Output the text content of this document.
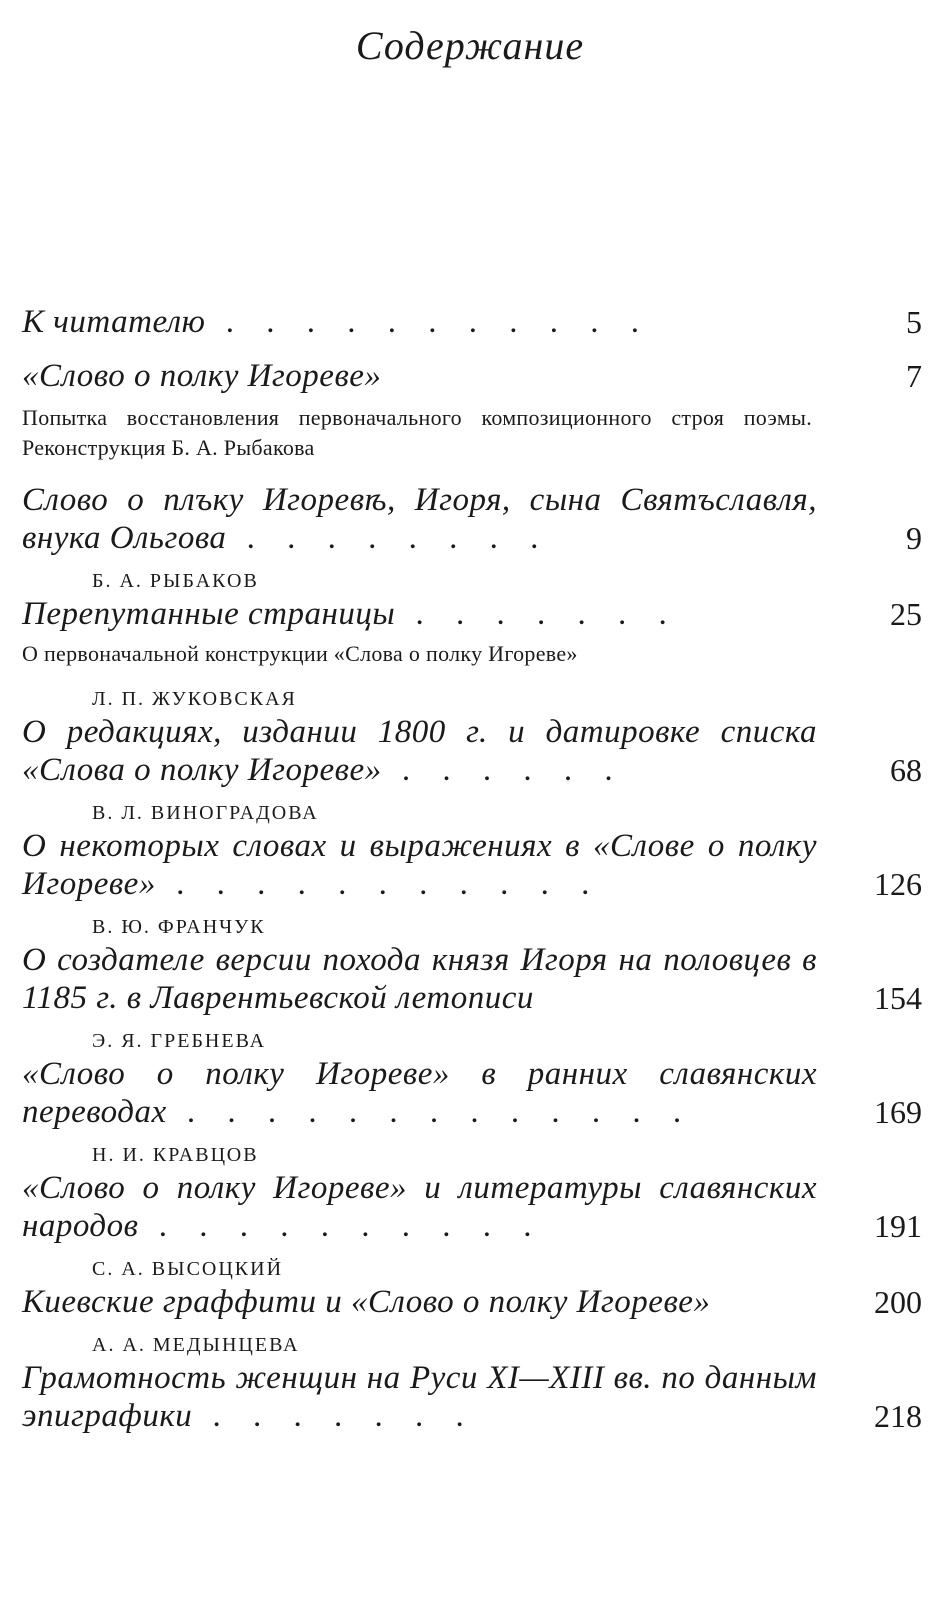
Содержание
К читателю . . . . . . . . . . .	5
«Слово о полку Игореве»	7
Попытка восстановления первоначального композиционного строя поэмы. Реконструкция Б. А. Рыбакова
Слово о плъку Игоревѣ, Игоря, сына Святъславля, внука Ольгова . . . . . . . .	9
Б. А. РЫБАКОВ
Перепутанные страницы . . . . . . .	25
О первоначальной конструкции «Слова о полку Игореве»
Л. П. ЖУКОВСКАЯ
О редакциях, издании 1800 г. и датировке списка «Слова о полку Игореве» . . . . . .	68
В. Л. ВИНОГРАДОВА
О некоторых словах и выражениях в «Слове о полку Игореве» . . . . . . . . . . .	126
В. Ю. ФРАНЧУК
О создателе версии похода князя Игоря на половцев в 1185 г. в Лаврентьевской летописи	154
Э. Я. ГРЕБНЕВА
«Слово о полку Игореве» в ранних славянских переводах . . . . . . . . . . . . .	169
Н. И. КРАВЦОВ
«Слово о полку Игореве» и литературы славянских народов . . . . . . . . . .	191
С. А. ВЫСОЦКИЙ
Киевские граффити и «Слово о полку Игореве»	200
А. А. МЕДЫНЦЕВА
Грамотность женщин на Руси XI—XIII вв. по данным эпиграфики . . . . . . .	218
